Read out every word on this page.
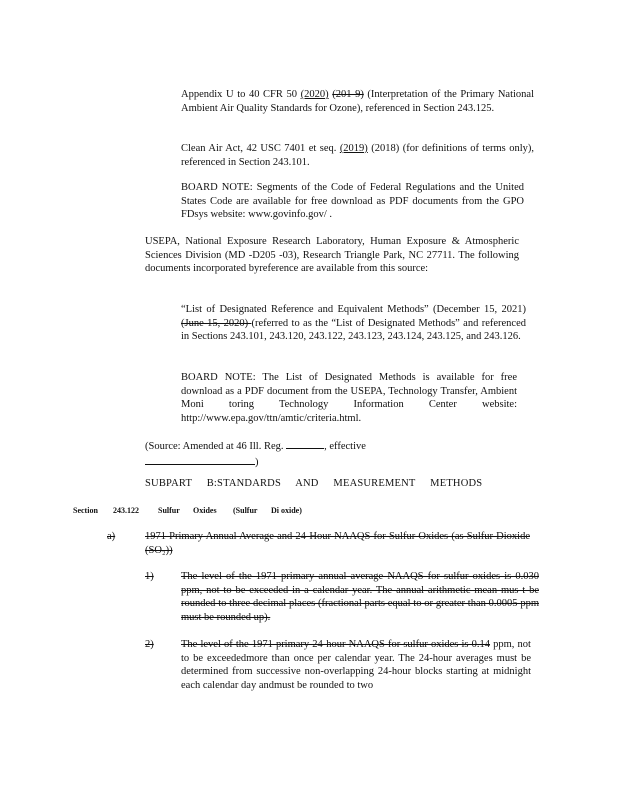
Appendix U to 40 CFR 50 (2020) (201 9) (Interpretation of the Primary National Ambient Air Quality Standards for Ozone), referenced in Section 243.125.

Clean Air Act, 42 USC 7401 et seq. (2019) (2018) (for definitions of terms only), referenced in Section 243.101.

BOARD NOTE: Segments of the Code of Federal Regulations and the United States Code are available for free download as PDF documents from the GPO FDsys website: www.govinfo.gov/ .

USEPA, National Exposure Research Laboratory, Human Exposure & Atmospheric Sciences Division (MD -D205 -03), Research Triangle Park, NC 27711. The following documents incorporated byreference are available from this source:

“List of Designated Reference and Equivalent Methods” (December 15, 2021) (June 15, 2020) (referred to as the “List of Designated Methods” and referenced in Sections 243.101, 243.120, 243.122, 243.123, 243.124, 243.125, and 243.126.

BOARD NOTE: The List of Designated Methods is available for free download as a PDF document from the USEPA, Technology Transfer, Ambient Moni toring Technology Information Center website: http://www.epa.gov/ttn/amtic/criteria.html.

(Source: Amended at 46 Ill. Reg.	, effective

)

SUBPART B:STANDARDS AND MEASUREMENT METHODS
Section 243.122 Sulfur Oxides (Sulfur Di oxide)
a)	1971 Primary Annual Average and 24-Hour NAAQS for Sulfur Oxides (as Sulfur Dioxide (SO₂))

1)	The level of the 1971 primary annual average NAAQS for sulfur oxides is 0.030 ppm, not to be exceeded in a calendar year. The annual arithmetic mean mus t be rounded to three decimal places (fractional parts equal to or greater than 0.0005 ppm must be rounded up).

2)	The level of the 1971 primary 24-hour NAAQS for sulfur oxides is 0.14 ppm, not to be exceededmore than once per calendar year. The 24-hour averages must be determined from successive non-overlapping 24-hour blocks starting at midnight each calendar day andmust be rounded to two
